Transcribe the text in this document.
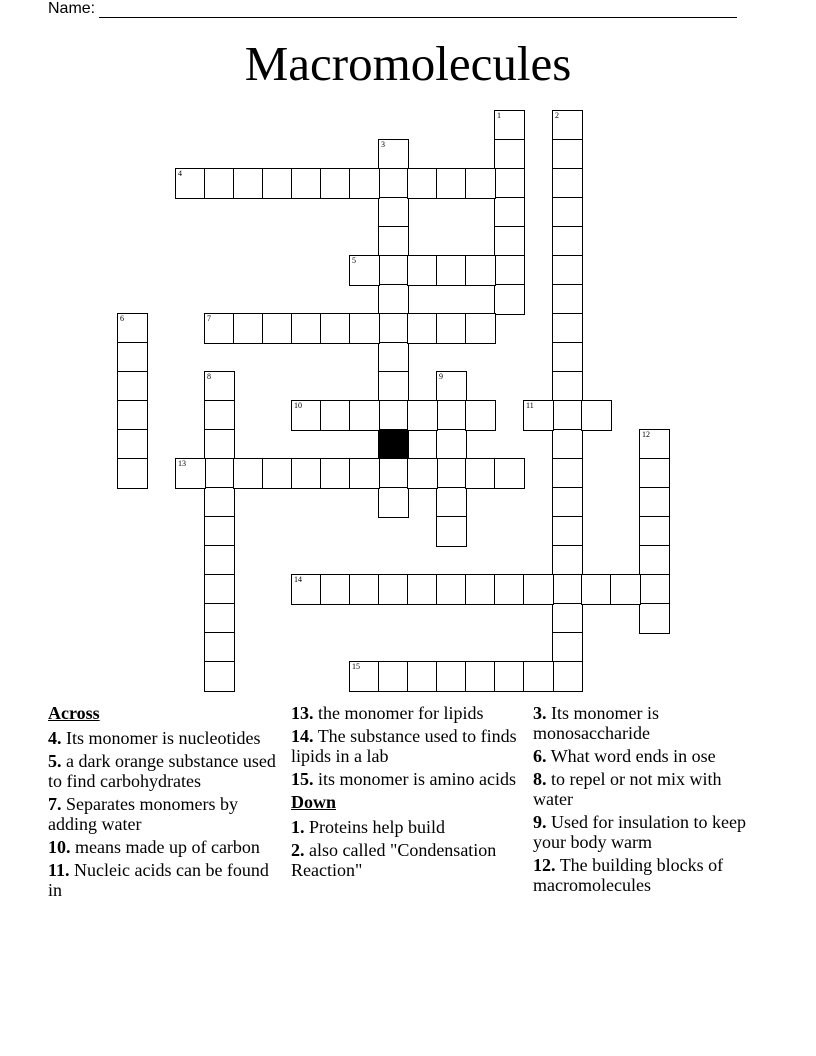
Name:
Macromolecules
1	2
3
4
5
6	7
8	9
10	11
12
13
14
15
Across
4. Its monomer is nucleotides
5. a dark orange substance used to find carbohydrates
7. Separates monomers by adding water
10. means made up of carbon
11. Nucleic acids can be found in
13. the monomer for lipids
14. The substance used to finds lipids in a lab
15. its monomer is amino acids
Down
1. Proteins help build
2. also called "Condensation Reaction"
3. Its monomer is monosaccharide
6. What word ends in ose
8. to repel or not mix with water
9. Used for insulation to keep your body warm
12. The building blocks of macromolecules
